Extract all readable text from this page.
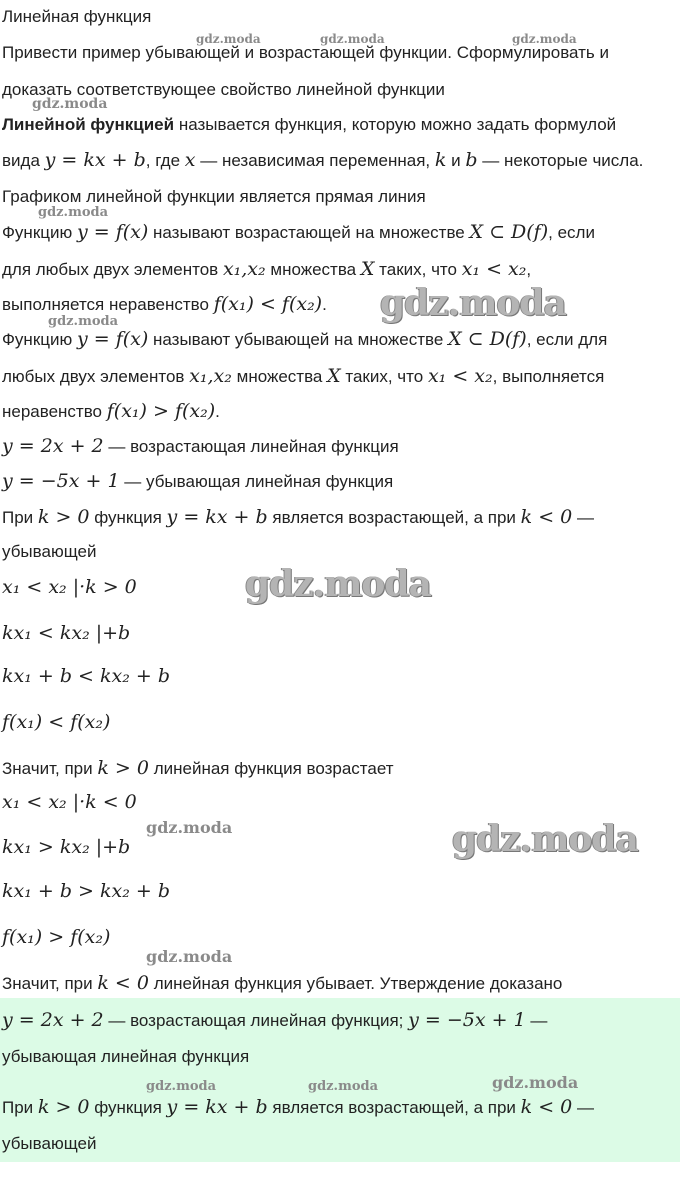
Линейная функция
Привести пример убывающей и возрастающей функции. Сформулировать и
доказать соответствующее свойство линейной функции
Линейной функцией называется функция, которую можно задать формулой
вида y = kx + b, где x — независимая переменная, k и b — некоторые числа.
Графиком линейной функции является прямая линия
Функцию y = f(x) называют возрастающей на множестве X ⊂ D(f), если
для любых двух элементов x₁,x₂ множества X таких, что x₁ < x₂,
выполняется неравенство f(x₁) < f(x₂).
Функцию y = f(x) называют убывающей на множестве X ⊂ D(f), если для
любых двух элементов x₁,x₂ множества X таких, что x₁ < x₂, выполняется
неравенство f(x₁) > f(x₂).
y = 2x + 2 — возрастающая линейная функция
y = −5x + 1 — убывающая линейная функция
При k > 0 функция y = kx + b является возрастающей, а при k < 0 —
убывающей
x₁ < x₂ |·k > 0
kx₁ < kx₂ |+b
kx₁ + b < kx₂ + b
f(x₁) < f(x₂)
Значит, при k > 0 линейная функция возрастает
x₁ < x₂ |·k < 0
kx₁ > kx₂ |+b
kx₁ + b > kx₂ + b
f(x₁) > f(x₂)
Значит, при k < 0 линейная функция убывает. Утверждение доказано
y = 2x + 2 — возрастающая линейная функция; y = −5x + 1 —
убывающая линейная функция
При k > 0 функция y = kx + b является возрастающей, а при k < 0 —
убывающей
gdz.moda	gdz.moda	gdz.moda
gdz.moda
gdz.moda
gdz.moda
gdz.moda
gdz.moda
gdz.moda	gdz.moda
gdz.moda
gdz.moda	gdz.moda	gdz.moda
